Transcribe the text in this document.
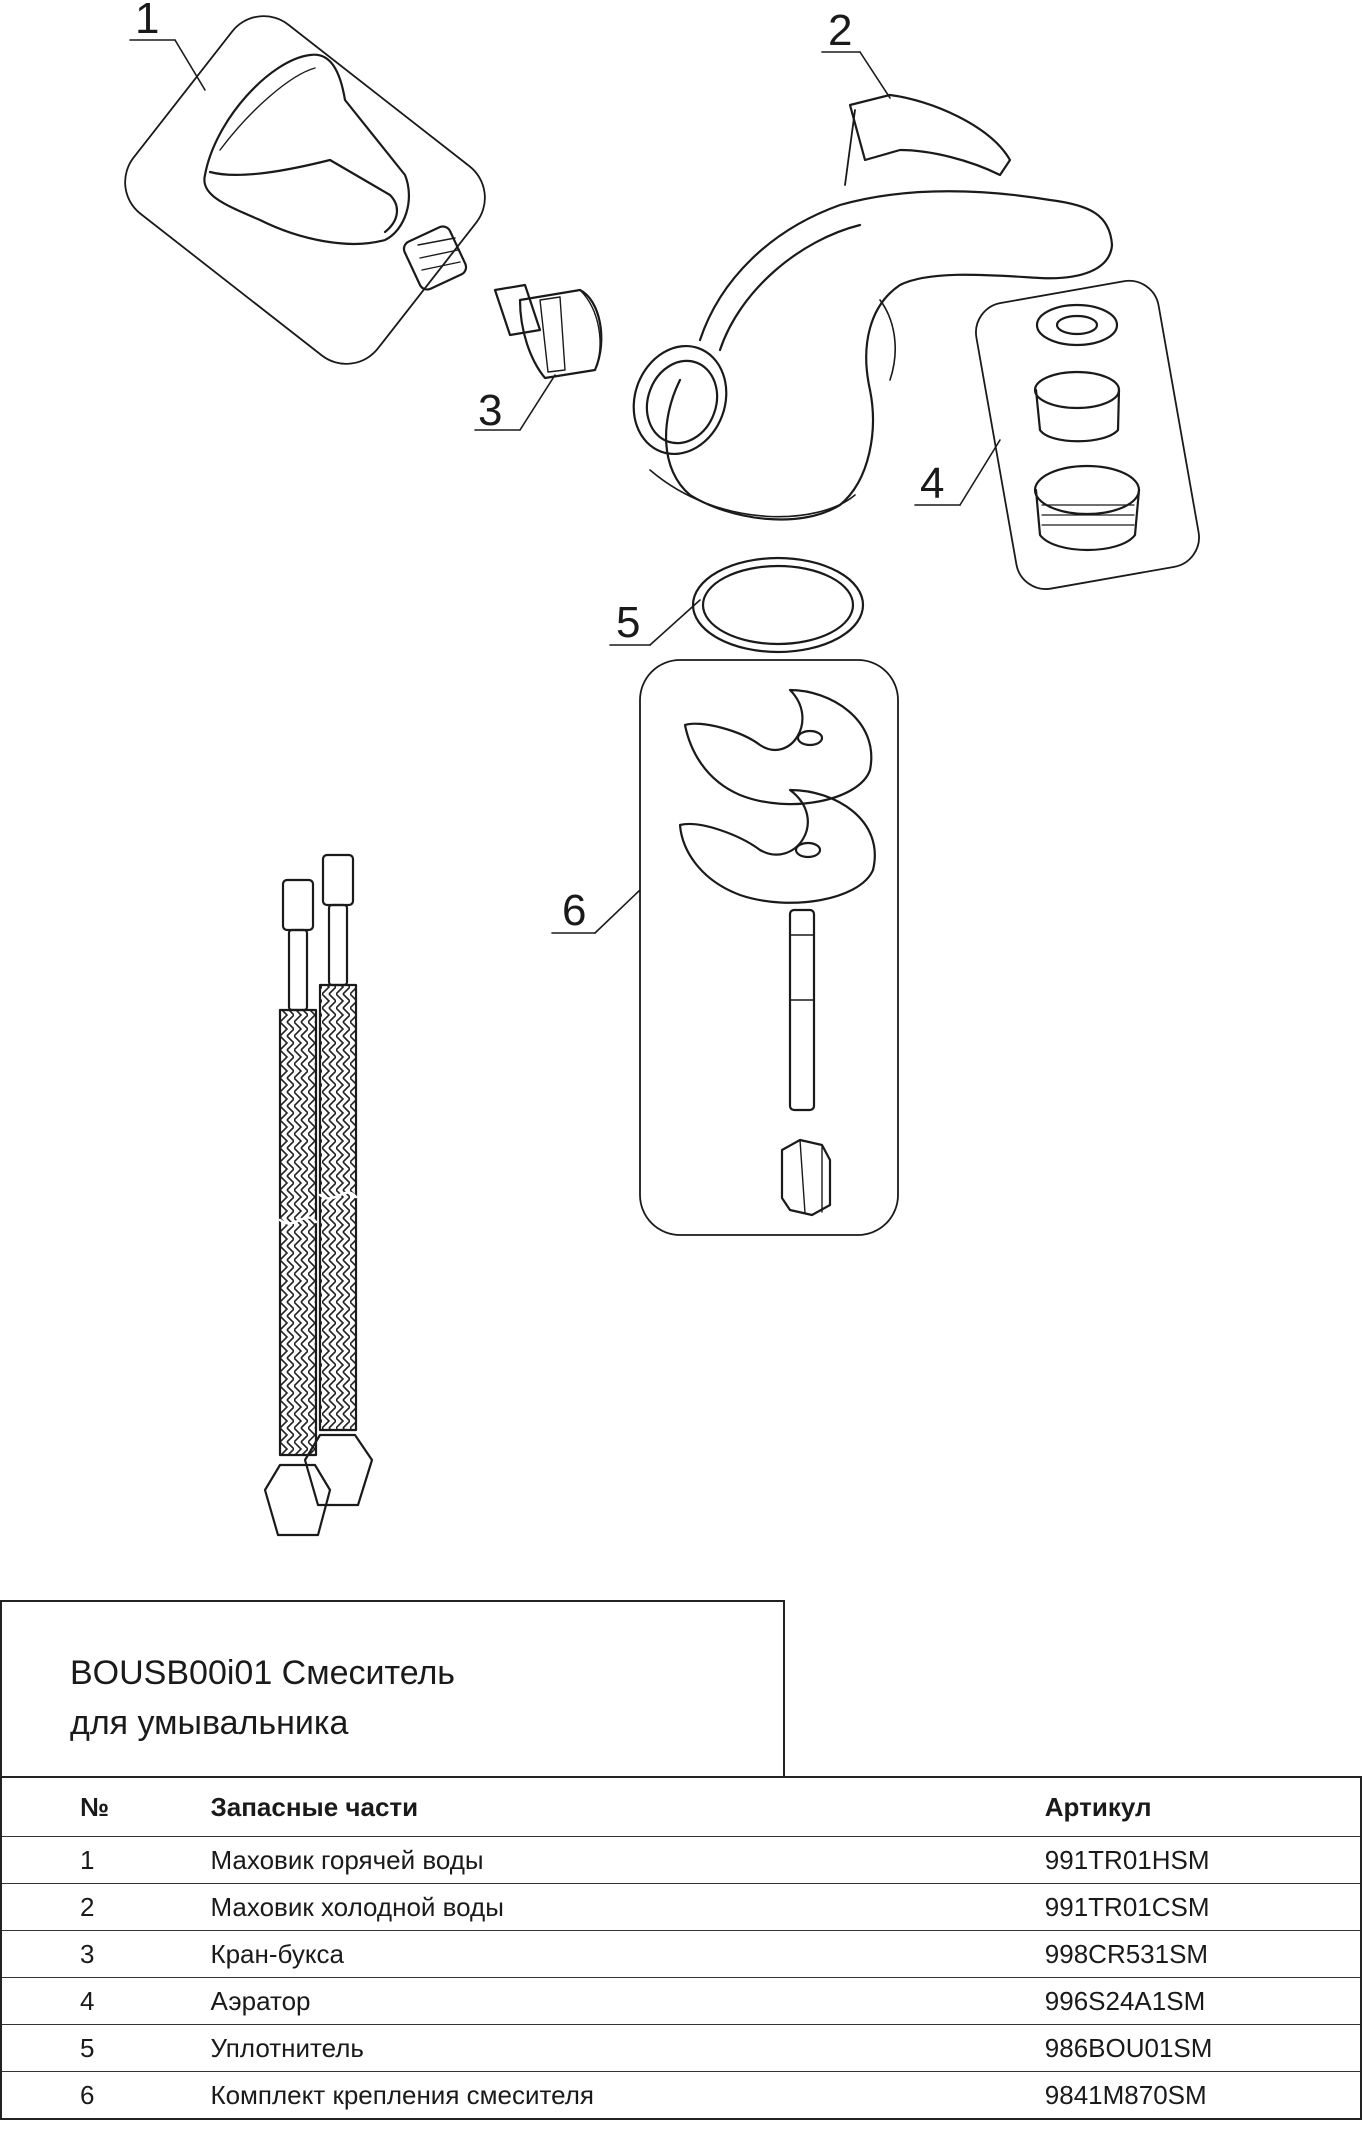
1	2
3
4
5
6
BOUSB00i01 Смеситель
для умывальника
№	Запасные части	Артикул
1	Маховик горячей воды	991TR01HSM
2	Маховик холодной воды	991TR01CSM
3	Кран-букса	998CR531SM
4	Аэратор	996S24A1SM
5	Уплотнитель	986BOU01SM
6	Комплект крепления смесителя	9841M870SM
